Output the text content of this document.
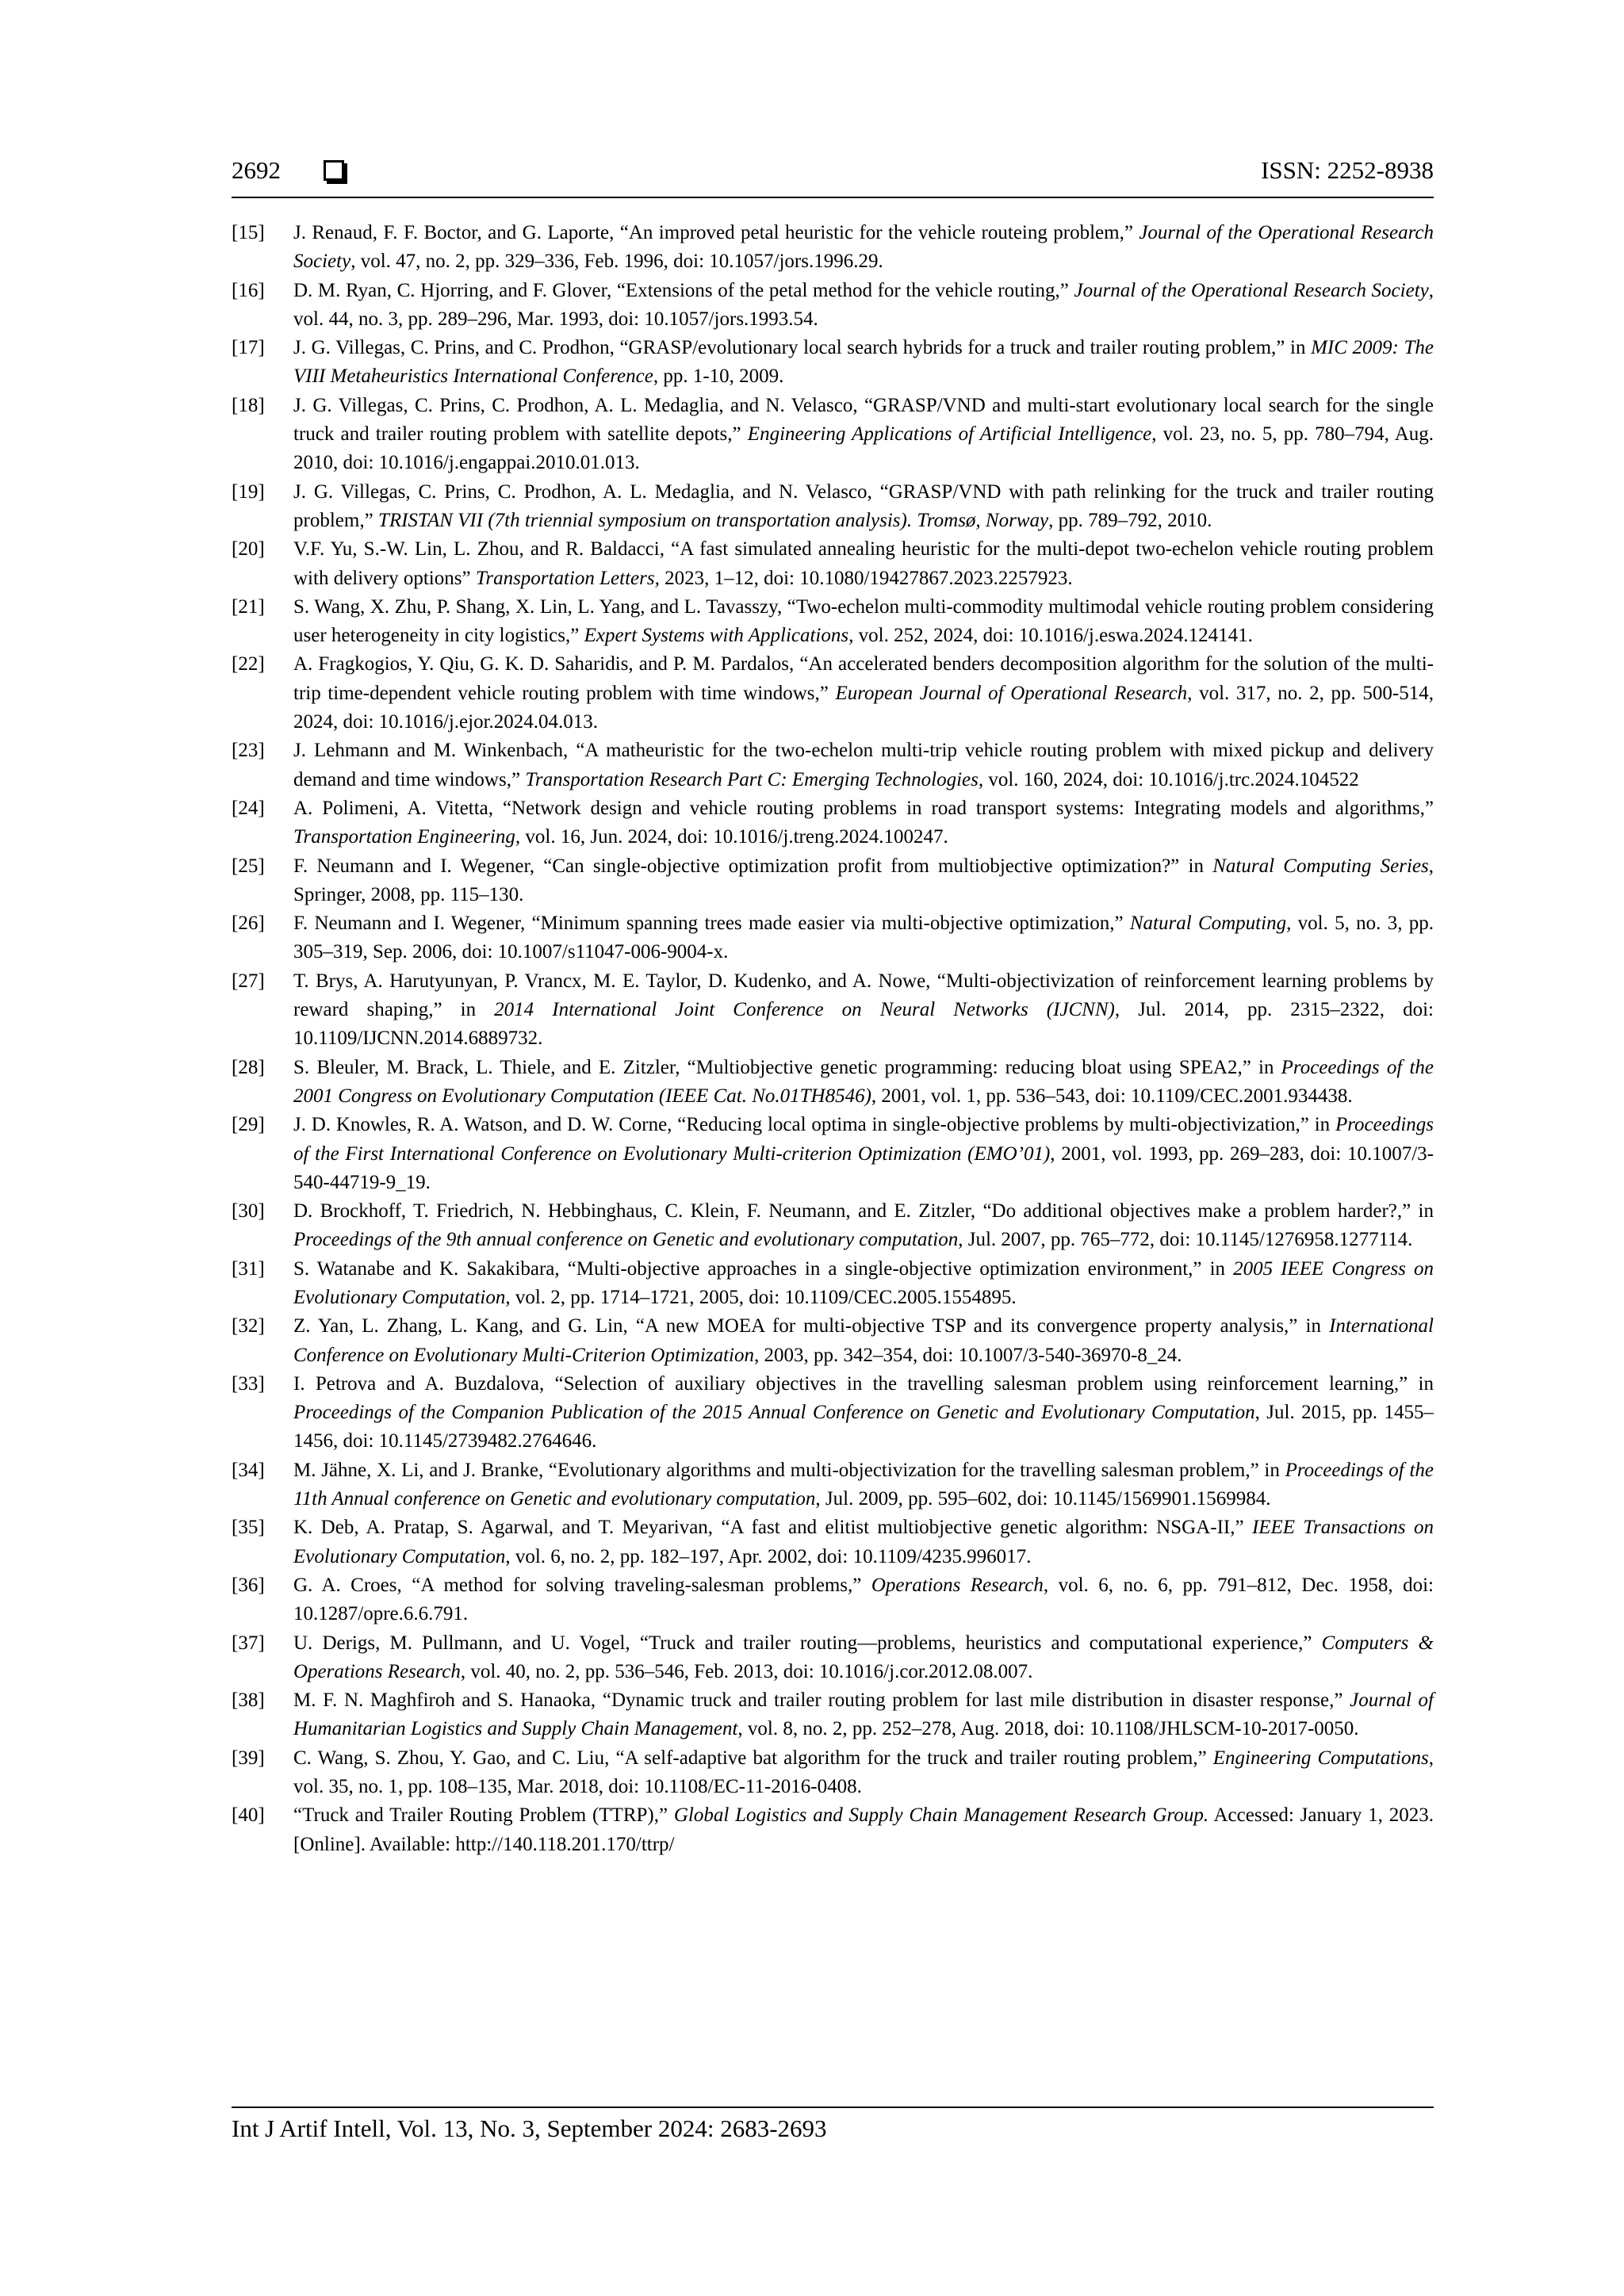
2692	ISSN: 2252-8938
[15]	J. Renaud, F. F. Boctor, and G. Laporte, “An improved petal heuristic for the vehicle routeing problem,” Journal of the Operational Research Society, vol. 47, no. 2, pp. 329–336, Feb. 1996, doi: 10.1057/jors.1996.29.
[16]	D. M. Ryan, C. Hjorring, and F. Glover, “Extensions of the petal method for the vehicle routing,” Journal of the Operational Research Society, vol. 44, no. 3, pp. 289–296, Mar. 1993, doi: 10.1057/jors.1993.54.
[17]	J. G. Villegas, C. Prins, and C. Prodhon, “GRASP/evolutionary local search hybrids for a truck and trailer routing problem,” in MIC 2009: The VIII Metaheuristics International Conference, pp. 1-10, 2009.
[18]	J. G. Villegas, C. Prins, C. Prodhon, A. L. Medaglia, and N. Velasco, “GRASP/VND and multi-start evolutionary local search for the single truck and trailer routing problem with satellite depots,” Engineering Applications of Artificial Intelligence, vol. 23, no. 5, pp. 780–794, Aug. 2010, doi: 10.1016/j.engappai.2010.01.013.
[19]	J. G. Villegas, C. Prins, C. Prodhon, A. L. Medaglia, and N. Velasco, “GRASP/VND with path relinking for the truck and trailer routing problem,” TRISTAN VII (7th triennial symposium on transportation analysis). Tromsø, Norway, pp. 789–792, 2010.
[20]	V.F. Yu, S.-W. Lin, L. Zhou, and R. Baldacci, “A fast simulated annealing heuristic for the multi-depot two-echelon vehicle routing problem with delivery options” Transportation Letters, 2023, 1–12, doi: 10.1080/19427867.2023.2257923.
[21]	S. Wang, X. Zhu, P. Shang, X. Lin, L. Yang, and L. Tavasszy, “Two-echelon multi-commodity multimodal vehicle routing problem considering user heterogeneity in city logistics,” Expert Systems with Applications, vol. 252, 2024, doi: 10.1016/j.eswa.2024.124141.
[22]	A. Fragkogios, Y. Qiu, G. K. D. Saharidis, and P. M. Pardalos, “An accelerated benders decomposition algorithm for the solution of the multi-trip time-dependent vehicle routing problem with time windows,” European Journal of Operational Research, vol. 317, no. 2, pp. 500-514, 2024, doi: 10.1016/j.ejor.2024.04.013.
[23]	J. Lehmann and M. Winkenbach, “A matheuristic for the two-echelon multi-trip vehicle routing problem with mixed pickup and delivery demand and time windows,” Transportation Research Part C: Emerging Technologies, vol. 160, 2024, doi: 10.1016/j.trc.2024.104522
[24]	A. Polimeni, A. Vitetta, “Network design and vehicle routing problems in road transport systems: Integrating models and algorithms,” Transportation Engineering, vol. 16, Jun. 2024, doi: 10.1016/j.treng.2024.100247.
[25]	F. Neumann and I. Wegener, “Can single-objective optimization profit from multiobjective optimization?” in Natural Computing Series, Springer, 2008, pp. 115–130.
[26]	F. Neumann and I. Wegener, “Minimum spanning trees made easier via multi-objective optimization,” Natural Computing, vol. 5, no. 3, pp. 305–319, Sep. 2006, doi: 10.1007/s11047-006-9004-x.
[27]	T. Brys, A. Harutyunyan, P. Vrancx, M. E. Taylor, D. Kudenko, and A. Nowe, “Multi-objectivization of reinforcement learning problems by reward shaping,” in 2014 International Joint Conference on Neural Networks (IJCNN), Jul. 2014, pp. 2315–2322, doi: 10.1109/IJCNN.2014.6889732.
[28]	S. Bleuler, M. Brack, L. Thiele, and E. Zitzler, “Multiobjective genetic programming: reducing bloat using SPEA2,” in Proceedings of the 2001 Congress on Evolutionary Computation (IEEE Cat. No.01TH8546), 2001, vol. 1, pp. 536–543, doi: 10.1109/CEC.2001.934438.
[29]	J. D. Knowles, R. A. Watson, and D. W. Corne, “Reducing local optima in single-objective problems by multi-objectivization,” in Proceedings of the First International Conference on Evolutionary Multi-criterion Optimization (EMO’01), 2001, vol. 1993, pp. 269–283, doi: 10.1007/3-540-44719-9_19.
[30]	D. Brockhoff, T. Friedrich, N. Hebbinghaus, C. Klein, F. Neumann, and E. Zitzler, “Do additional objectives make a problem harder?,” in Proceedings of the 9th annual conference on Genetic and evolutionary computation, Jul. 2007, pp. 765–772, doi: 10.1145/1276958.1277114.
[31]	S. Watanabe and K. Sakakibara, “Multi-objective approaches in a single-objective optimization environment,” in 2005 IEEE Congress on Evolutionary Computation, vol. 2, pp. 1714–1721, 2005, doi: 10.1109/CEC.2005.1554895.
[32]	Z. Yan, L. Zhang, L. Kang, and G. Lin, “A new MOEA for multi-objective TSP and its convergence property analysis,” in International Conference on Evolutionary Multi-Criterion Optimization, 2003, pp. 342–354, doi: 10.1007/3-540-36970-8_24.
[33]	I. Petrova and A. Buzdalova, “Selection of auxiliary objectives in the travelling salesman problem using reinforcement learning,” in Proceedings of the Companion Publication of the 2015 Annual Conference on Genetic and Evolutionary Computation, Jul. 2015, pp. 1455–1456, doi: 10.1145/2739482.2764646.
[34]	M. Jähne, X. Li, and J. Branke, “Evolutionary algorithms and multi-objectivization for the travelling salesman problem,” in Proceedings of the 11th Annual conference on Genetic and evolutionary computation, Jul. 2009, pp. 595–602, doi: 10.1145/1569901.1569984.
[35]	K. Deb, A. Pratap, S. Agarwal, and T. Meyarivan, “A fast and elitist multiobjective genetic algorithm: NSGA-II,” IEEE Transactions on Evolutionary Computation, vol. 6, no. 2, pp. 182–197, Apr. 2002, doi: 10.1109/4235.996017.
[36]	G. A. Croes, “A method for solving traveling-salesman problems,” Operations Research, vol. 6, no. 6, pp. 791–812, Dec. 1958, doi: 10.1287/opre.6.6.791.
[37]	U. Derigs, M. Pullmann, and U. Vogel, “Truck and trailer routing—problems, heuristics and computational experience,” Computers & Operations Research, vol. 40, no. 2, pp. 536–546, Feb. 2013, doi: 10.1016/j.cor.2012.08.007.
[38]	M. F. N. Maghfiroh and S. Hanaoka, “Dynamic truck and trailer routing problem for last mile distribution in disaster response,” Journal of Humanitarian Logistics and Supply Chain Management, vol. 8, no. 2, pp. 252–278, Aug. 2018, doi: 10.1108/JHLSCM-10-2017-0050.
[39]	C. Wang, S. Zhou, Y. Gao, and C. Liu, “A self-adaptive bat algorithm for the truck and trailer routing problem,” Engineering Computations, vol. 35, no. 1, pp. 108–135, Mar. 2018, doi: 10.1108/EC-11-2016-0408.
[40]	“Truck and Trailer Routing Problem (TTRP),” Global Logistics and Supply Chain Management Research Group. Accessed: January 1, 2023. [Online]. Available: http://140.118.201.170/ttrp/
Int J Artif Intell, Vol. 13, No. 3, September 2024: 2683-2693
